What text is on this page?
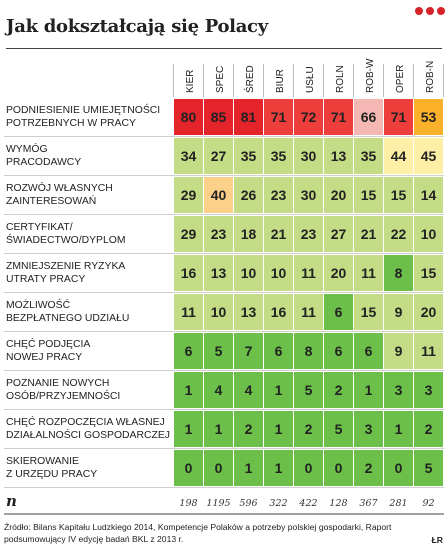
Jak dokształcają się Polacy
KIER SPEC ŚRED BIUR USŁU ROLN ROB-W OPER ROB-N
PODNIESIENIE UMIEJĘTNOŚCI
POTRZEBNYCH W PRACY	80 85 81 71 72 71 66 71 53
WYMÓG
PRACODAWCY	34 27 35 35 30 13 35 44 45
ROZWÓJ WŁASNYCH
ZAINTERESOWAŃ	29 40 26 23 30 20 15 15 14
CERTYFIKAT/
ŚWIADECTWO/DYPLOM	29 23 18 21 23 27 21 22 10
ZMNIEJSZENIE RYZYKA
UTRATY PRACY	16 13 10 10 11 20 11 8 15
MOŻLIWOŚĆ
BEZPŁATNEGO UDZIAŁU	11 10 13 16 11 6 15 9 20
CHĘĆ PODJĘCIA
NOWEJ PRACY	6 5 7 6 8 6 6 9 11
POZNANIE NOWYCH
OSÓB/PRZYJEMNOŚCI	1 4 4 1 5 2 1 3 3
CHĘĆ ROZPOCZĘCIA WŁASNEJ
DZIAŁALNOŚCI GOSPODARCZEJ 1 1 2 1 2 5 3 1 2
SKIEROWANIE
Z URZĘDU PRACY	0 0 1 1 0 0 2 0 5
n	198 1195 596 322 422 128 367 281 92
Źródło: Bilans Kapitału Ludzkiego 2014, Kompetencje Polaków a potrzeby polskiej gospodarki, Raport podsumowujący IV edycję badań BKL z 2013 r.	ŁR
